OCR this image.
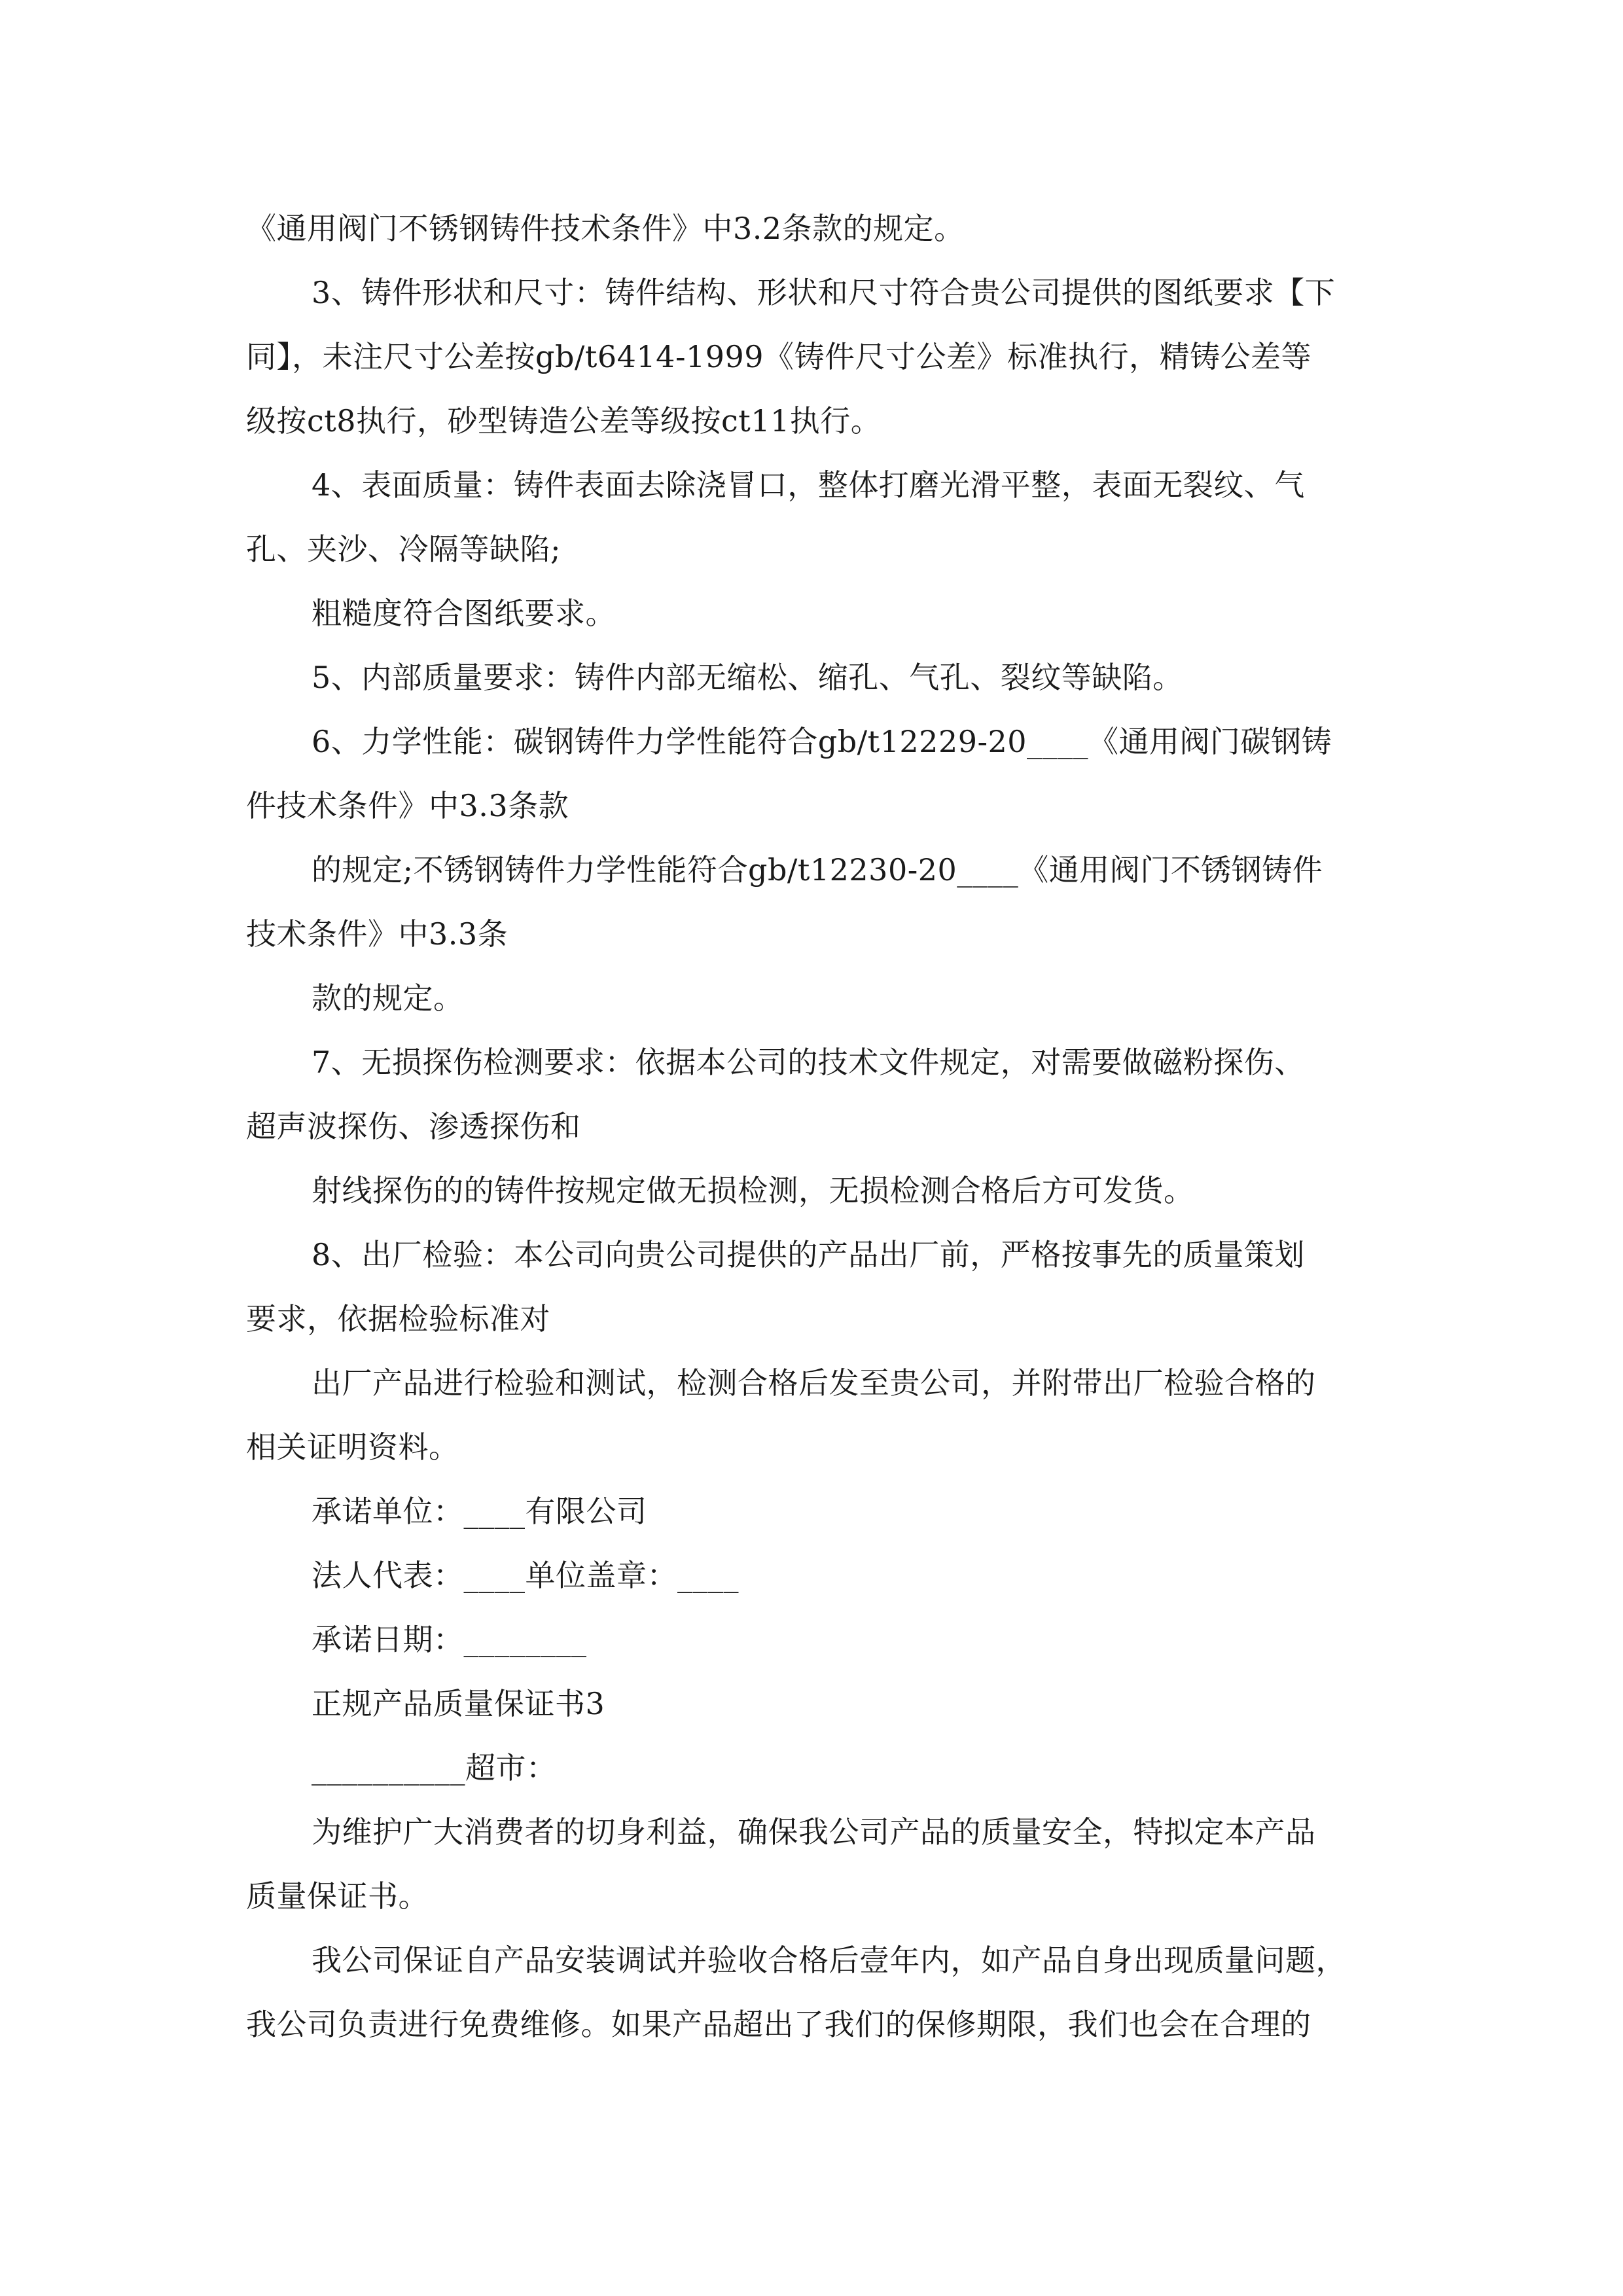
《通用阀门不锈钢铸件技术条件》中3.2条款的规定。
3、铸件形状和尺寸：铸件结构、形状和尺寸符合贵公司提供的图纸要求【下
同】，未注尺寸公差按gb/t6414-1999《铸件尺寸公差》标准执行，精铸公差等
级按ct8执行，砂型铸造公差等级按ct11执行。
4、表面质量：铸件表面去除浇冒口，整体打磨光滑平整，表面无裂纹、气
孔、夹沙、冷隔等缺陷;
粗糙度符合图纸要求。
5、内部质量要求：铸件内部无缩松、缩孔、气孔、裂纹等缺陷。
6、力学性能：碳钢铸件力学性能符合gb/t12229-20____《通用阀门碳钢铸
件技术条件》中3.3条款
的规定;不锈钢铸件力学性能符合gb/t12230-20____《通用阀门不锈钢铸件
技术条件》中3.3条
款的规定。
7、无损探伤检测要求：依据本公司的技术文件规定，对需要做磁粉探伤、
超声波探伤、渗透探伤和
射线探伤的的铸件按规定做无损检测，无损检测合格后方可发货。
8、出厂检验：本公司向贵公司提供的产品出厂前，严格按事先的质量策划
要求，依据检验标准对
出厂产品进行检验和测试，检测合格后发至贵公司，并附带出厂检验合格的
相关证明资料。
承诺单位：____有限公司
法人代表：____单位盖章：____
承诺日期：________
正规产品质量保证书3
__________超市：
为维护广大消费者的切身利益，确保我公司产品的质量安全，特拟定本产品
质量保证书。
我公司保证自产品安装调试并验收合格后壹年内，如产品自身出现质量问题，
我公司负责进行免费维修。如果产品超出了我们的保修期限，我们也会在合理的
